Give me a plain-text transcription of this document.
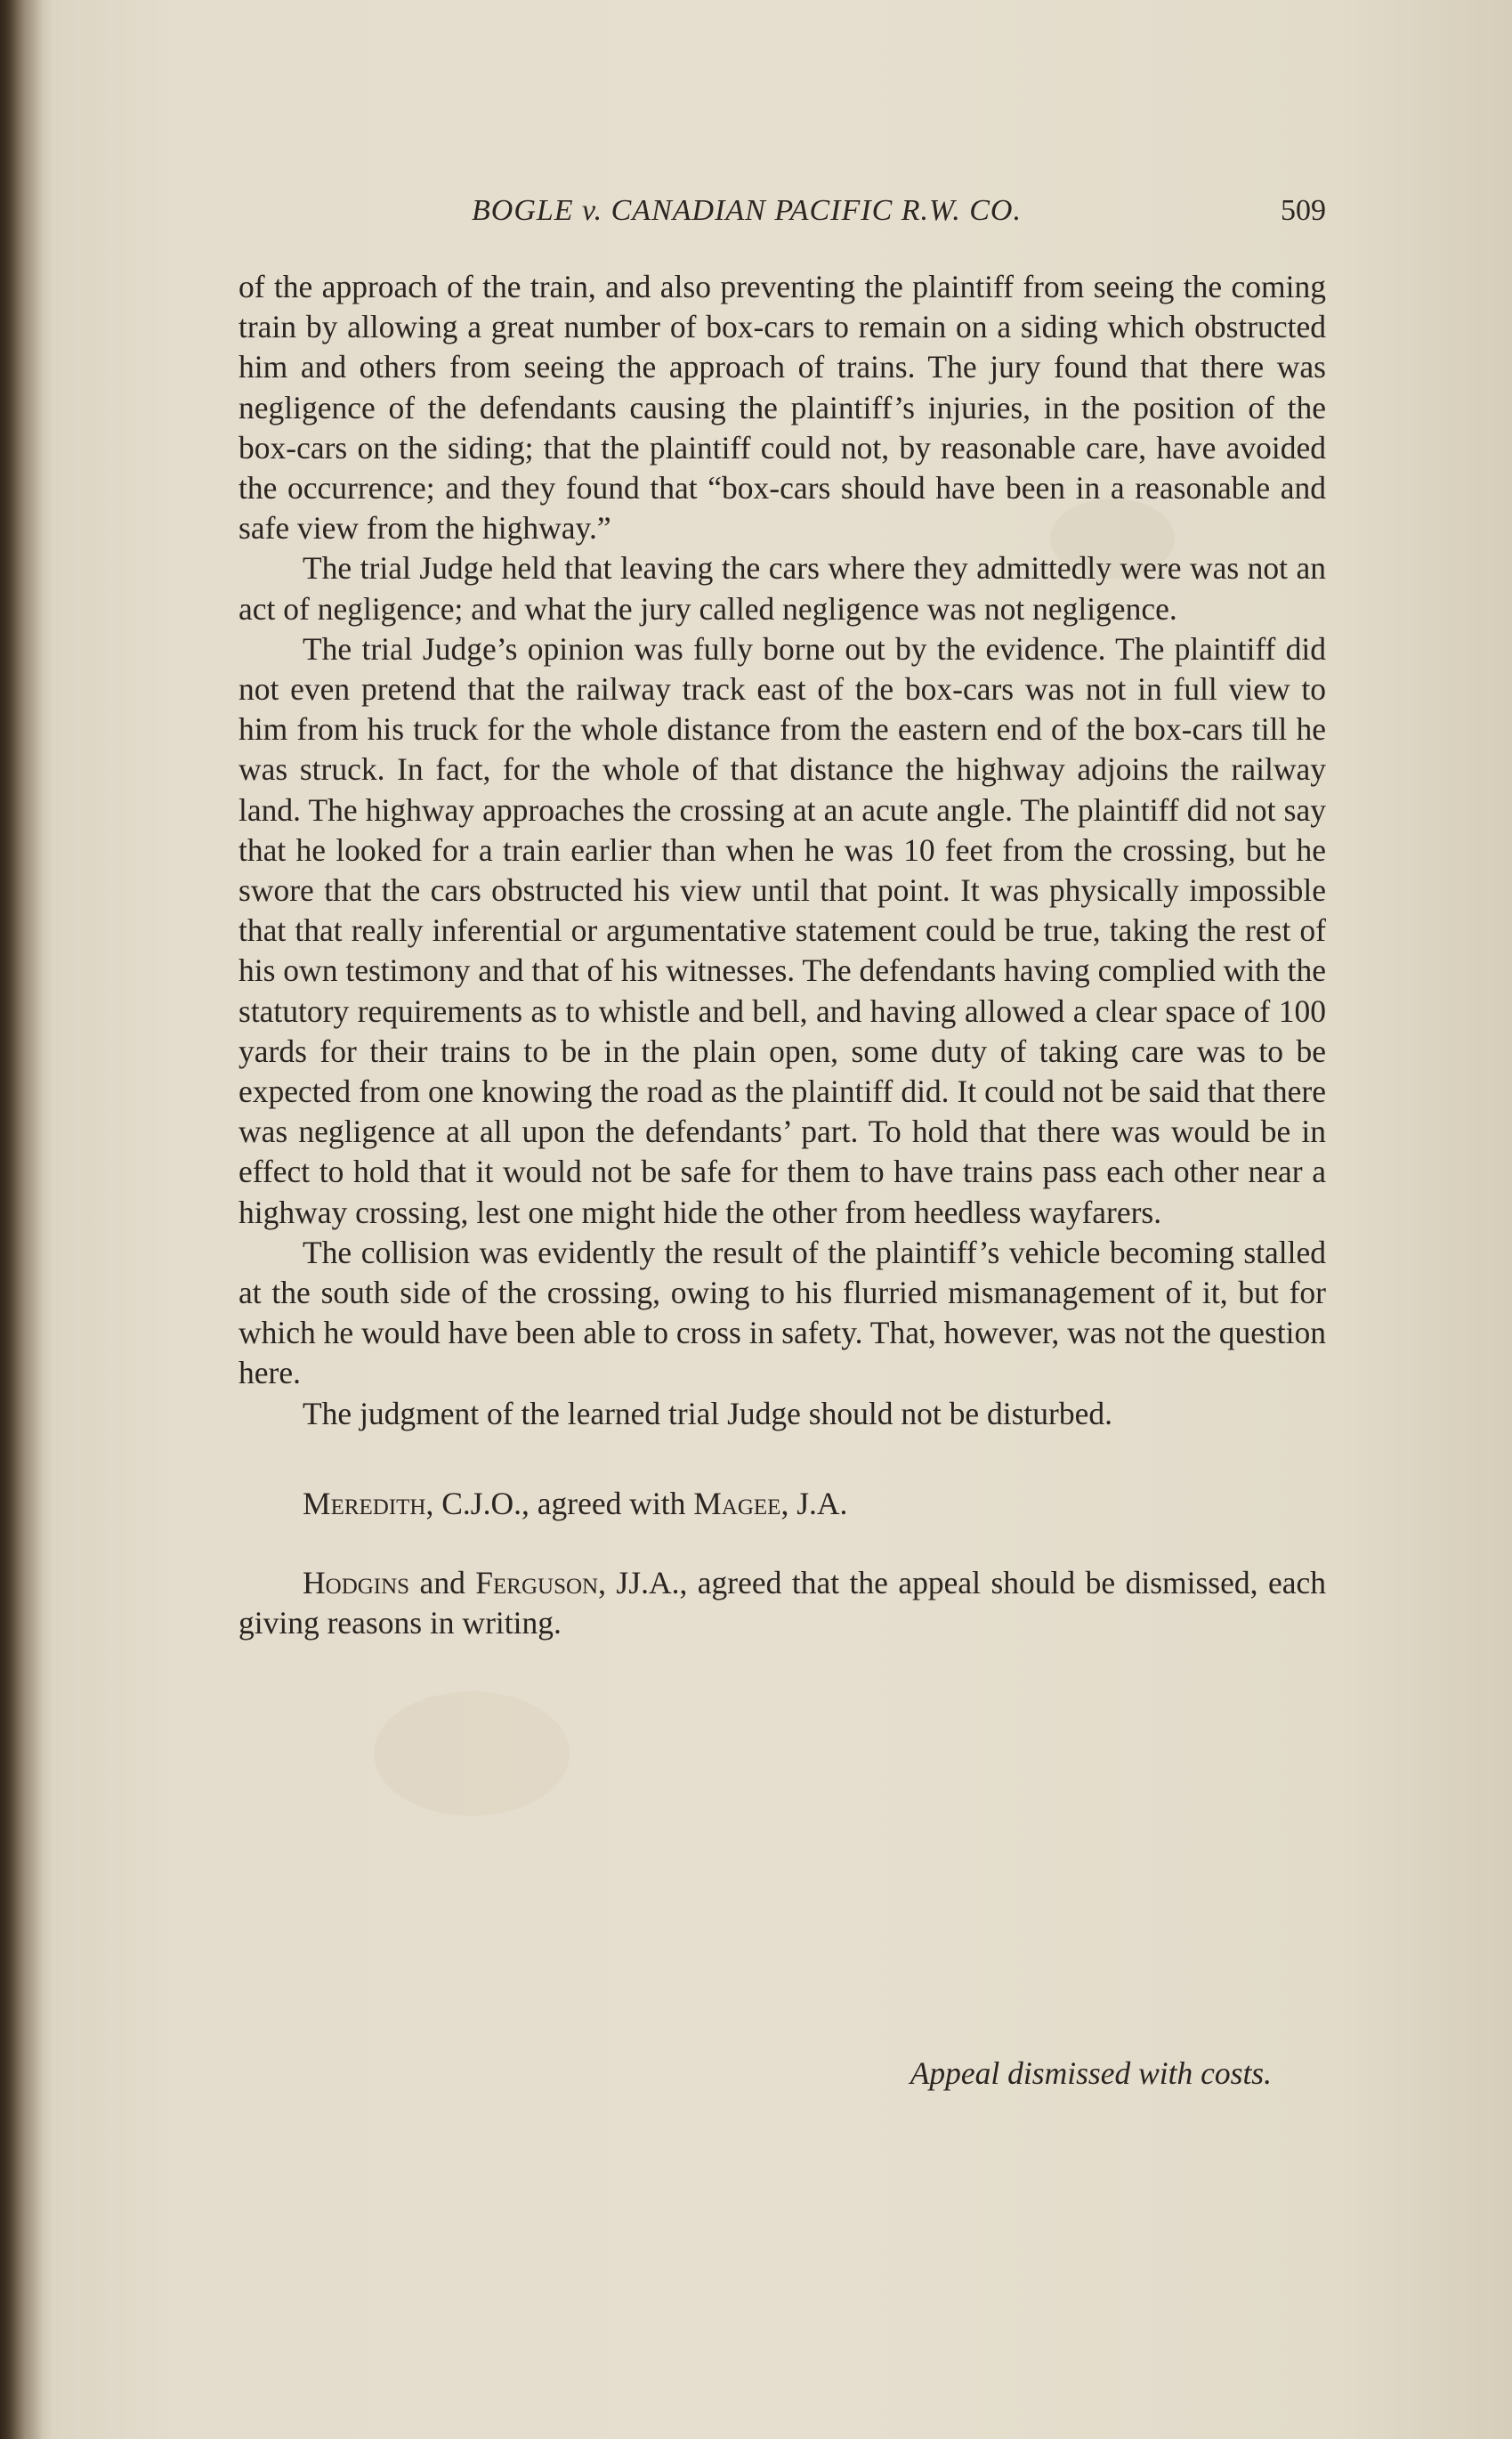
BOGLE v. CANADIAN PACIFIC R.W. CO.	509

of the approach of the train, and also preventing the plaintiff from seeing the coming train by allowing a great number of box-cars to remain on a siding which obstructed him and others from seeing the approach of trains. The jury found that there was negligence of the defendants causing the plaintiff’s injuries, in the position of the box-cars on the siding; that the plaintiff could not, by reasonable care, have avoided the occurrence; and they found that “box-cars should have been in a reasonable and safe view from the highway.”

The trial Judge held that leaving the cars where they admittedly were was not an act of negligence; and what the jury called negligence was not negligence.

The trial Judge’s opinion was fully borne out by the evidence. The plaintiff did not even pretend that the railway track east of the box-cars was not in full view to him from his truck for the whole distance from the eastern end of the box-cars till he was struck. In fact, for the whole of that distance the highway adjoins the railway land. The highway approaches the crossing at an acute angle. The plaintiff did not say that he looked for a train earlier than when he was 10 feet from the crossing, but he swore that the cars obstructed his view until that point. It was physically impossible that that really inferential or argumentative statement could be true, taking the rest of his own testimony and that of his witnesses. The defendants having complied with the statutory requirements as to whistle and bell, and having allowed a clear space of 100 yards for their trains to be in the plain open, some duty of taking care was to be expected from one knowing the road as the plaintiff did. It could not be said that there was negligence at all upon the defendants’ part. To hold that there was would be in effect to hold that it would not be safe for them to have trains pass each other near a highway crossing, lest one might hide the other from heedless wayfarers.

The collision was evidently the result of the plaintiff’s vehicle becoming stalled at the south side of the crossing, owing to his flurried mismanagement of it, but for which he would have been able to cross in safety. That, however, was not the question here.

The judgment of the learned trial Judge should not be disturbed.

Meredith, C.J.O., agreed with Magee, J.A.

Hodgins and Ferguson, JJ.A., agreed that the appeal should be dismissed, each giving reasons in writing.

Appeal dismissed with costs.
